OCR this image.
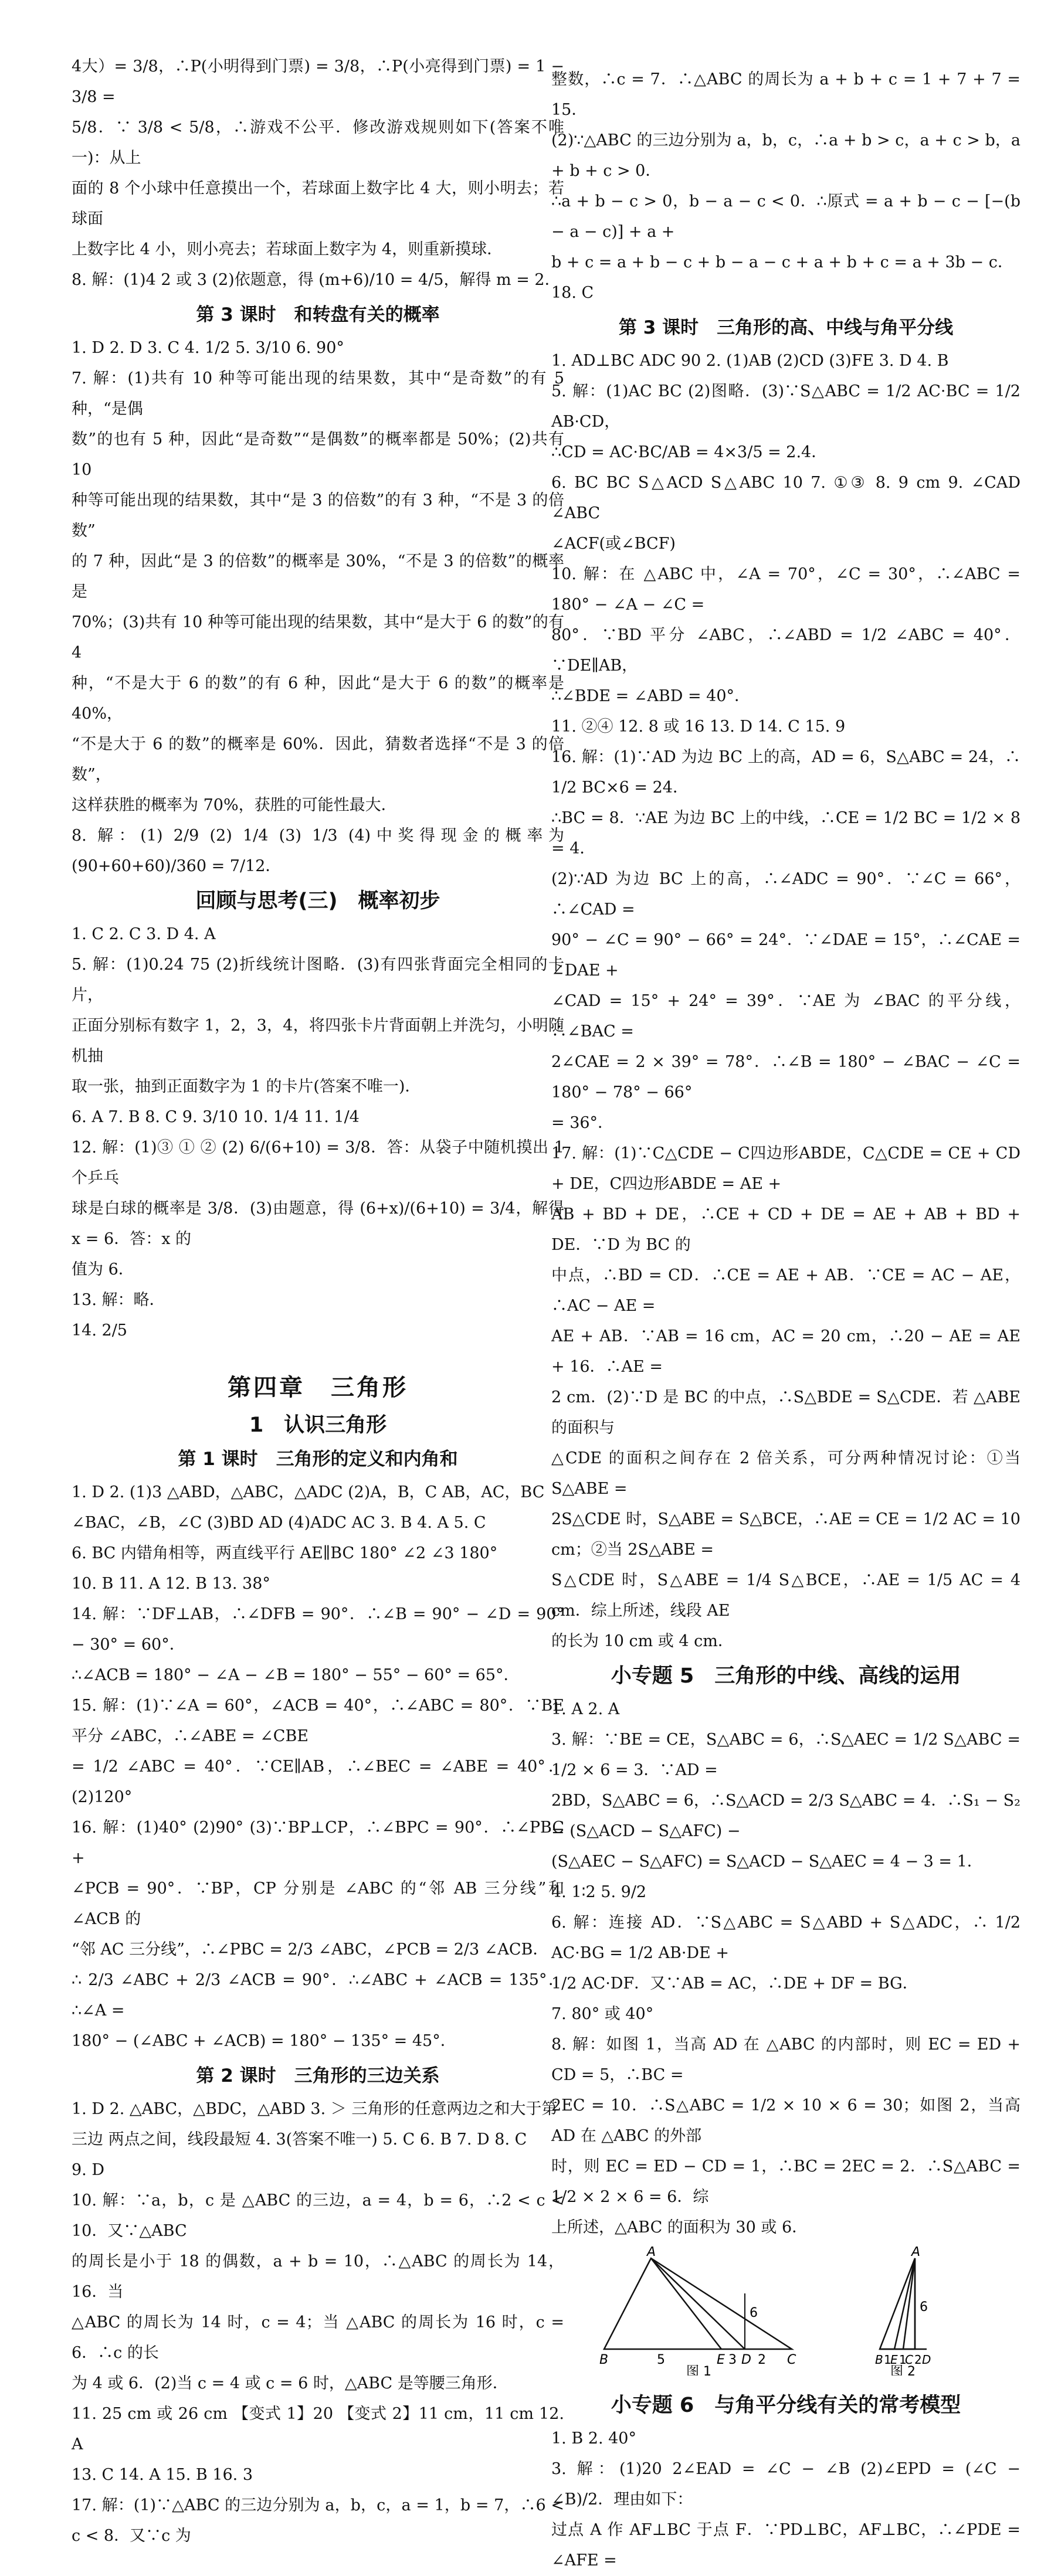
4大）= 3/8，∴P(小明得到门票) = 3/8，∴P(小亮得到门票) = 1 − 3/8 =
5/8．∵ 3/8 < 5/8，∴游戏不公平．修改游戏规则如下(答案不唯一)：从上
面的 8 个小球中任意摸出一个，若球面上数字比 4 大，则小明去；若球面
上数字比 4 小，则小亮去；若球面上数字为 4，则重新摸球．
8. 解：(1)4 2 或 3 (2)依题意，得 (m+6)/10 = 4/5，解得 m = 2．
第 3 课时　和转盘有关的概率
1. D 2. D 3. C 4. 1/2 5. 3/10 6. 90°
7. 解：(1)共有 10 种等可能出现的结果数，其中“是奇数”的有 5 种，“是偶
数”的也有 5 种，因此“是奇数”“是偶数”的概率都是 50%；(2)共有 10
种等可能出现的结果数，其中“是 3 的倍数”的有 3 种，“不是 3 的倍数”
的 7 种，因此“是 3 的倍数”的概率是 30%，“不是 3 的倍数”的概率是
70%；(3)共有 10 种等可能出现的结果数，其中“是大于 6 的数”的有 4
种，“不是大于 6 的数”的有 6 种，因此“是大于 6 的数”的概率是 40%，
“不是大于 6 的数”的概率是 60%．因此，猜数者选择“不是 3 的倍数”，
这样获胜的概率为 70%，获胜的可能性最大．
8. 解：(1) 2/9 (2) 1/4 (3) 1/3 (4)中奖得现金的概率为 (90+60+60)/360 = 7/12．
回顾与思考(三)　概率初步
1. C 2. C 3. D 4. A
5. 解：(1)0.24 75 (2)折线统计图略．(3)有四张背面完全相同的卡片，
正面分别标有数字 1，2，3，4，将四张卡片背面朝上并洗匀，小明随机抽
取一张，抽到正面数字为 1 的卡片(答案不唯一)．
6. A 7. B 8. C 9. 3/10 10. 1/4 11. 1/4
12. 解：(1)③ ① ② (2) 6/(6+10) = 3/8．答：从袋子中随机摸出 1 个乒乓
球是白球的概率是 3/8．(3)由题意，得 (6+x)/(6+10) = 3/4，解得 x = 6．答：x 的
值为 6．
13. 解：略．
14. 2/5
第四章　三角形
1　认识三角形
第 1 课时　三角形的定义和内角和
1. D 2. (1)3 △ABD，△ABC，△ADC (2)A，B，C AB，AC，BC
∠BAC，∠B，∠C (3)BD AD (4)ADC AC 3. B 4. A 5. C
6. BC 内错角相等，两直线平行 AE∥BC 180° ∠2 ∠3 180°
10. B 11. A 12. B 13. 38°
14. 解：∵DF⊥AB，∴∠DFB = 90°．∴∠B = 90° − ∠D = 90° − 30° = 60°．
∴∠ACB = 180° − ∠A − ∠B = 180° − 55° − 60° = 65°．
15. 解：(1)∵∠A = 60°，∠ACB = 40°，∴∠ABC = 80°．∵BE 平分 ∠ABC，∴∠ABE = ∠CBE
= 1/2 ∠ABC = 40°．∵CE∥AB，∴∠BEC = ∠ABE = 40°．(2)120°
16. 解：(1)40° (2)90° (3)∵BP⊥CP，∴∠BPC = 90°．∴∠PBC +
∠PCB = 90°．∵BP，CP 分别是 ∠ABC 的“邻 AB 三分线”和 ∠ACB 的
“邻 AC 三分线”，∴∠PBC = 2/3 ∠ABC，∠PCB = 2/3 ∠ACB．
∴ 2/3 ∠ABC + 2/3 ∠ACB = 90°．∴∠ABC + ∠ACB = 135°．∴∠A =
180° − (∠ABC + ∠ACB) = 180° − 135° = 45°．
第 2 课时　三角形的三边关系
1. D 2. △ABC，△BDC，△ABD 3. ＞ 三角形的任意两边之和大于第
三边 两点之间，线段最短 4. 3(答案不唯一) 5. C 6. B 7. D 8. C
9. D
10. 解：∵a，b，c 是 △ABC 的三边，a = 4，b = 6，∴2 < c < 10．又∵△ABC
的周长是小于 18 的偶数，a + b = 10，∴△ABC 的周长为 14，16．当
△ABC 的周长为 14 时，c = 4；当 △ABC 的周长为 16 时，c = 6．∴c 的长
为 4 或 6．(2)当 c = 4 或 c = 6 时，△ABC 是等腰三角形．
11. 25 cm 或 26 cm 【变式 1】20 【变式 2】11 cm，11 cm 12. A
13. C 14. A 15. B 16. 3
17. 解：(1)∵△ABC 的三边分别为 a，b，c，a = 1，b = 7，∴6 < c < 8．又∵c 为
整数，∴c = 7．∴△ABC 的周长为 a + b + c = 1 + 7 + 7 = 15．
(2)∵△ABC 的三边分别为 a，b，c，∴a + b > c，a + c > b，a + b + c > 0．
∴a + b − c > 0，b − a − c < 0．∴原式 = a + b − c − [−(b − a − c)] + a +
b + c = a + b − c + b − a − c + a + b + c = a + 3b − c．
18. C
第 3 课时　三角形的高、中线与角平分线
1. AD⊥BC ADC 90 2. (1)AB (2)CD (3)FE 3. D 4. B
5. 解：(1)AC BC (2)图略．(3)∵S△ABC = 1/2 AC·BC = 1/2 AB·CD，
∴CD = AC·BC/AB = 4×3/5 = 2.4．
6. BC BC S△ACD S△ABC 10 7. ①③ 8. 9 cm 9. ∠CAD ∠ABC
∠ACF(或∠BCF)
10. 解：在 △ABC 中，∠A = 70°，∠C = 30°，∴∠ABC = 180° − ∠A − ∠C =
80°．∵BD 平分 ∠ABC，∴∠ABD = 1/2 ∠ABC = 40°．∵DE∥AB，
∴∠BDE = ∠ABD = 40°．
11. ②④ 12. 8 或 16 13. D 14. C 15. 9
16. 解：(1)∵AD 为边 BC 上的高，AD = 6，S△ABC = 24，∴ 1/2 BC×6 = 24．
∴BC = 8．∵AE 为边 BC 上的中线，∴CE = 1/2 BC = 1/2 × 8 = 4．
(2)∵AD 为边 BC 上的高，∴∠ADC = 90°．∵∠C = 66°，∴∠CAD =
90° − ∠C = 90° − 66° = 24°．∵∠DAE = 15°，∴∠CAE = ∠DAE +
∠CAD = 15° + 24° = 39°．∵AE 为 ∠BAC 的平分线，∴∠BAC =
2∠CAE = 2 × 39° = 78°．∴∠B = 180° − ∠BAC − ∠C = 180° − 78° − 66°
= 36°．
17. 解：(1)∵C△CDE − C四边形ABDE，C△CDE = CE + CD + DE，C四边形ABDE = AE +
AB + BD + DE，∴CE + CD + DE = AE + AB + BD + DE．∵D 为 BC 的
中点，∴BD = CD．∴CE = AE + AB．∵CE = AC − AE，∴AC − AE =
AE + AB．∵AB = 16 cm，AC = 20 cm，∴20 − AE = AE + 16．∴AE =
2 cm．(2)∵D 是 BC 的中点，∴S△BDE = S△CDE．若 △ABE 的面积与
△CDE 的面积之间存在 2 倍关系，可分两种情况讨论：①当 S△ABE =
2S△CDE 时，S△ABE = S△BCE，∴AE = CE = 1/2 AC = 10 cm；②当 2S△ABE =
S△CDE 时，S△ABE = 1/4 S△BCE，∴AE = 1/5 AC = 4 cm．综上所述，线段 AE
的长为 10 cm 或 4 cm．
小专题 5　三角形的中线、高线的运用
1. A 2. A
3. 解：∵BE = CE，S△ABC = 6，∴S△AEC = 1/2 S△ABC = 1/2 × 6 = 3．∵AD =
2BD，S△ABC = 6，∴S△ACD = 2/3 S△ABC = 4．∴S₁ − S₂ = (S△ACD − S△AFC) −
(S△AEC − S△AFC) = S△ACD − S△AEC = 4 − 3 = 1．
4. 1∶2 5. 9/2
6. 解：连接 AD．∵S△ABC = S△ABD + S△ADC，∴ 1/2 AC·BG = 1/2 AB·DE +
1/2 AC·DF．又∵AB = AC，∴DE + DF = BG．
7. 80° 或 40°
8. 解：如图 1，当高 AD 在 △ABC 的内部时，则 EC = ED + CD = 5，∴BC =
2EC = 10．∴S△ABC = 1/2 × 10 × 6 = 30；如图 2，当高 AD 在 △ABC 的外部
时，则 EC = ED − CD = 1，∴BC = 2EC = 2．∴S△ABC = 1/2 × 2 × 6 = 6．综
上所述，△ABC 的面积为 30 或 6．
A
B	5	E 3 D 2 C
6
图 1
A
B 1
E 1
C 2 D
6
图 2
小专题 6　与角平分线有关的常考模型
1. B 2. 40°
3. 解：(1)20 2∠EAD = ∠C − ∠B (2)∠EPD = (∠C − ∠B)/2．理由如下：
过点 A 作 AF⊥BC 于点 F．∵PD⊥BC，AF⊥BC，∴∠PDE = ∠AFE =
